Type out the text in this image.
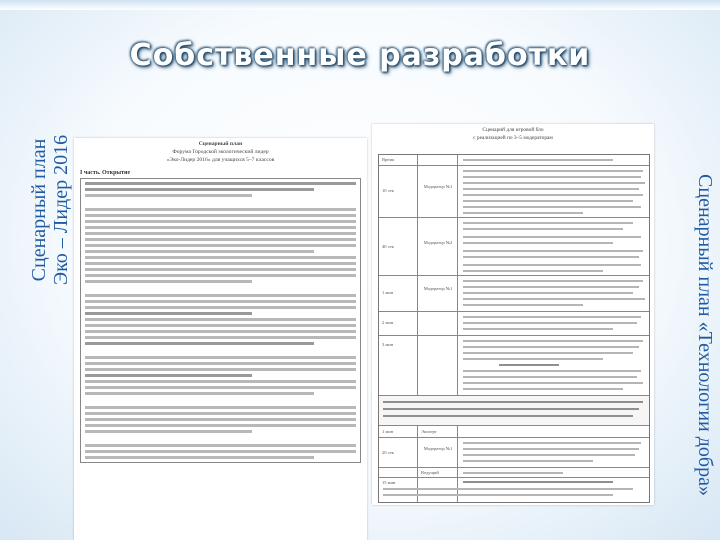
Собственные разработки
Сценарный план Эко – Лидер 2016	Сценарный план «Технологии добра»
Сценарный план
Форума Городской экологический лидер
«Эко-Лидер 2016» для учащихся 5–7 классов
I часть. Открытие
Сценарий для игровой бло
с реализацией по 3–5 модераторам
Время
10 сек
Модератор №1
40 сек
Модератор №2
1 мин
Модератор №1
2 мин
3 мин
1 мин	Эксперт
20 сек
Модератор №1
Ведущий
15 мин
